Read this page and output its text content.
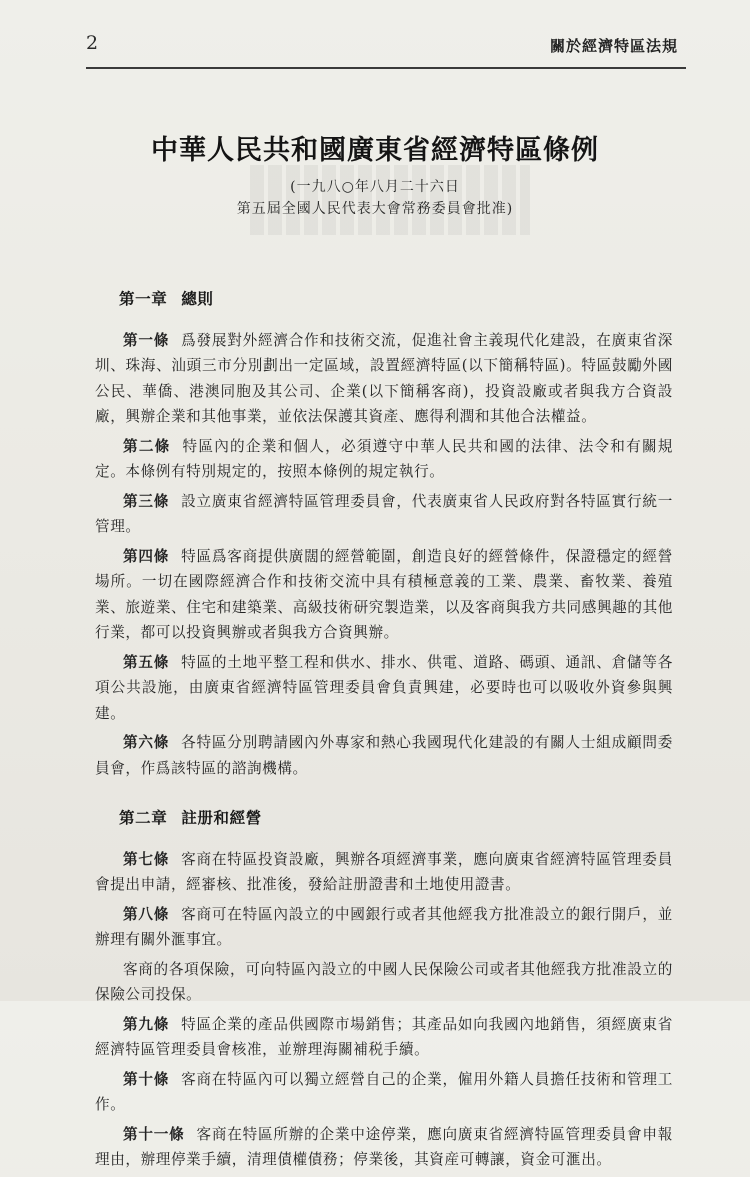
2	關於經濟特區法規
中華人民共和國廣東省經濟特區條例
(一九八○年八月二十六日
第五屆全國人民代表大會常務委員會批准)
第一章 總則

第一條 爲發展對外經濟合作和技術交流，促進社會主義現代化建設，在廣東省深圳、珠海、汕頭三市分別劃出一定區域，設置經濟特區(以下簡稱特區)。特區鼓勵外國公民、華僑、港澳同胞及其公司、企業(以下簡稱客商)，投資設廠或者與我方合資設廠，興辦企業和其他事業，並依法保護其資產、應得利潤和其他合法權益。

第二條 特區內的企業和個人，必須遵守中華人民共和國的法律、法令和有關規定。本條例有特別規定的，按照本條例的規定執行。

第三條 設立廣東省經濟特區管理委員會，代表廣東省人民政府對各特區實行統一管理。

第四條 特區爲客商提供廣闊的經營範圍，創造良好的經營條件，保證穩定的經營場所。一切在國際經濟合作和技術交流中具有積極意義的工業、農業、畜牧業、養殖業、旅遊業、住宅和建築業、高級技術研究製造業，以及客商與我方共同感興趣的其他行業，都可以投資興辦或者與我方合資興辦。

第五條 特區的土地平整工程和供水、排水、供電、道路、碼頭、通訊、倉儲等各項公共設施，由廣東省經濟特區管理委員會負責興建，必要時也可以吸收外資參與興建。

第六條 各特區分別聘請國內外專家和熱心我國現代化建設的有關人士組成顧問委員會，作爲該特區的諮詢機構。

第二章 註册和經營

第七條 客商在特區投資設廠，興辦各項經濟事業，應向廣東省經濟特區管理委員會提出申請，經審核、批准後，發給註册證書和土地使用證書。

第八條 客商可在特區內設立的中國銀行或者其他經我方批准設立的銀行開戶，並辦理有關外滙事宜。

客商的各項保險，可向特區內設立的中國人民保險公司或者其他經我方批准設立的保險公司投保。

第九條 特區企業的產品供國際市場銷售；其產品如向我國內地銷售，須經廣東省經濟特區管理委員會核准，並辦理海關補税手續。

第十條 客商在特區內可以獨立經營自己的企業，僱用外籍人員擔任技術和管理工作。

第十一條 客商在特區所辦的企業中途停業，應向廣東省經濟特區管理委員會申報理由，辦理停業手續，清理債權債務；停業後，其資産可轉讓，資金可滙出。
